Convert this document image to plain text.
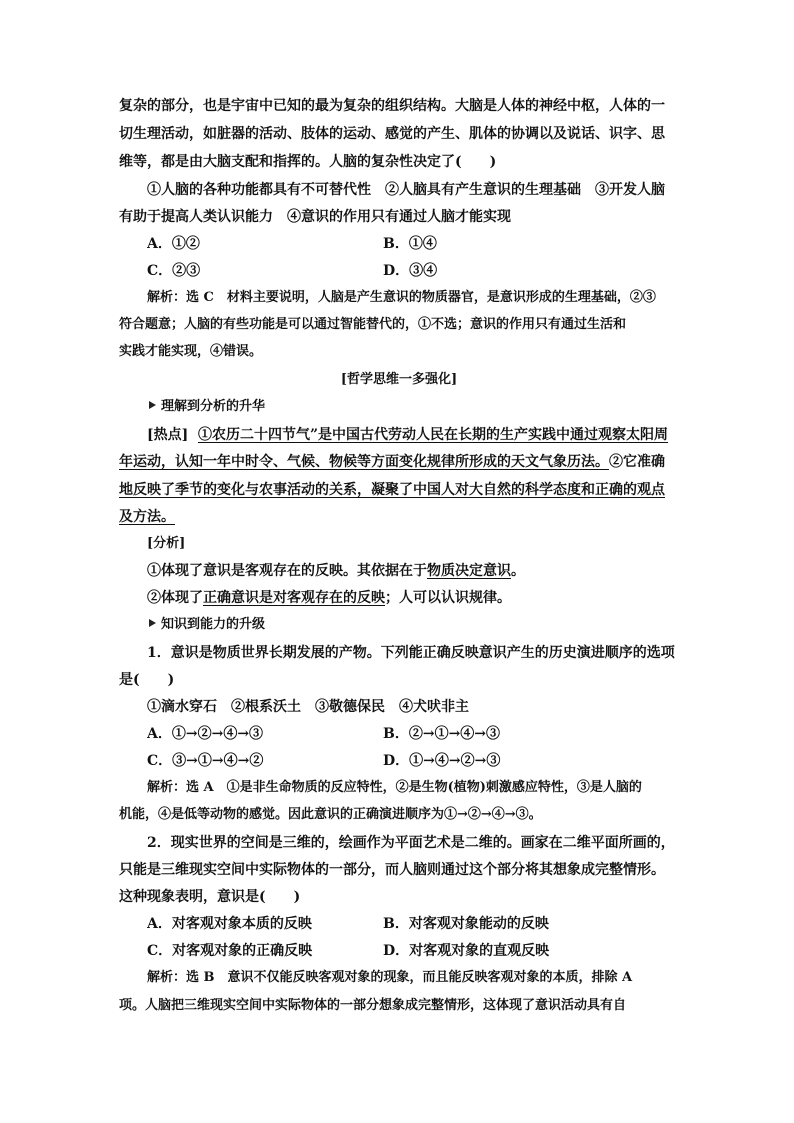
复杂的部分，也是宇宙中已知的最为复杂的组织结构。大脑是人体的神经中枢，人体的一
切生理活动，如脏器的活动、肢体的运动、感觉的产生、肌体的协调以及说话、识字、思
维等，都是由大脑支配和指挥的。人脑的复杂性决定了(　　)
①人脑的各种功能都具有不可替代性　②人脑具有产生意识的生理基础　③开发人脑
有助于提高人类认识能力　④意识的作用只有通过人脑才能实现
A．①②	B．①④
C．②③	D．③④
解析：选 C　材料主要说明，人脑是产生意识的物质器官，是意识形成的生理基础，②③
符合题意；人脑的有些功能是可以通过智能替代的，①不选；意识的作用只有通过生活和
实践才能实现，④错误。
[哲学思维一多强化]
理解到分析的升华
[热点] ①农历二十四节气”是中国古代劳动人民在长期的生产实践中通过观察太阳周
年运动，认知一年中时令、气候、物候等方面变化规律所形成的天文气象历法。②它准确
地反映了季节的变化与农事活动的关系，凝聚了中国人对大自然的科学态度和正确的观点
及方法。
[分析]
①体现了意识是客观存在的反映。其依据在于物质决定意识。
②体现了正确意识是对客观存在的反映；人可以认识规律。
知识到能力的升级
1．意识是物质世界长期发展的产物。下列能正确反映意识产生的历史演进顺序的选项
是(　　)
①滴水穿石　②根系沃土　③敬德保民　④犬吠非主
A．①→②→④→③	B．②→①→④→③
C．③→①→④→②	D．①→④→②→③
解析：选 A　①是非生命物质的反应特性，②是生物(植物)刺激感应特性，③是人脑的
机能，④是低等动物的感觉。因此意识的正确演进顺序为①→②→④→③。
2．现实世界的空间是三维的，绘画作为平面艺术是二维的。画家在二维平面所画的，
只能是三维现实空间中实际物体的一部分，而人脑则通过这个部分将其想象成完整情形。
这种现象表明，意识是(　　)
A．对客观对象本质的反映	B．对客观对象能动的反映
C．对客观对象的正确反映	D．对客观对象的直观反映
解析：选 B　意识不仅能反映客观对象的现象，而且能反映客观对象的本质，排除 A
项。人脑把三维现实空间中实际物体的一部分想象成完整情形，这体现了意识活动具有自
